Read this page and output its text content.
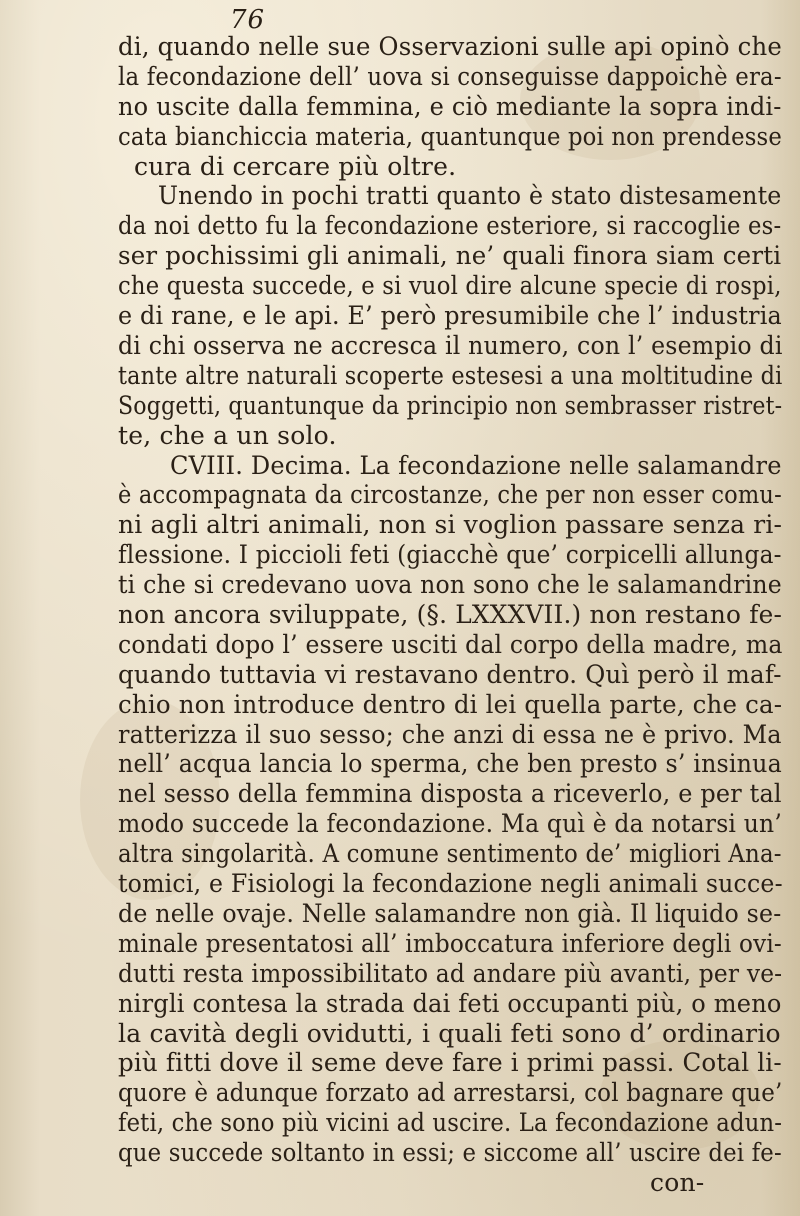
76
di, quando nelle sue Osservazioni sulle api opinò che
la fecondazione dell’ uova si conseguisse dappoichè era-
no uscite dalla femmina, e ciò mediante la sopra indi-
cata bianchiccia materia, quantunque poi non prendesse
cura di cercare più oltre.
Unendo in pochi tratti quanto è stato distesamente
da noi detto fu la fecondazione esteriore, si raccoglie es-
ser pochissimi gli animali, ne’ quali finora siam certi
che questa succede, e si vuol dire alcune specie di rospi,
e di rane, e le api. E’ però presumibile che l’ industria
di chi osserva ne accresca il numero, con l’ esempio di
tante altre naturali scoperte estesesi a una moltitudine di
Soggetti, quantunque da principio non sembrasser ristret-
te, che a un solo.
CVIII. Decima. La fecondazione nelle salamandre
è accompagnata da circostanze, che per non esser comu-
ni agli altri animali, non si voglion passare senza ri-
flessione. I piccioli feti (giacchè que’ corpicelli allunga-
ti che si credevano uova non sono che le salamandrine
non ancora sviluppate, (§. LXXXVII.) non restano fe-
condati dopo l’ essere usciti dal corpo della madre, ma
quando tuttavia vi restavano dentro. Quì però il maf-
chio non introduce dentro di lei quella parte, che ca-
ratterizza il suo sesso; che anzi di essa ne è privo. Ma
nell’ acqua lancia lo sperma, che ben presto s’ insinua
nel sesso della femmina disposta a riceverlo, e per tal
modo succede la fecondazione. Ma quì è da notarsi un’
altra singolarità. A comune sentimento de’ migliori Ana-
tomici, e Fisiologi la fecondazione negli animali succe-
de nelle ovaje. Nelle salamandre non già. Il liquido se-
minale presentatosi all’ imboccatura inferiore degli ovi-
dutti resta impossibilitato ad andare più avanti, per ve-
nirgli contesa la strada dai feti occupanti più, o meno
la cavità degli ovidutti, i quali feti sono d’ ordinario
più fitti dove il seme deve fare i primi passi. Cotal li-
quore è adunque forzato ad arrestarsi, col bagnare que’
feti, che sono più vicini ad uscire. La fecondazione adun-
que succede soltanto in essi; e siccome all’ uscire dei fe-
con-
